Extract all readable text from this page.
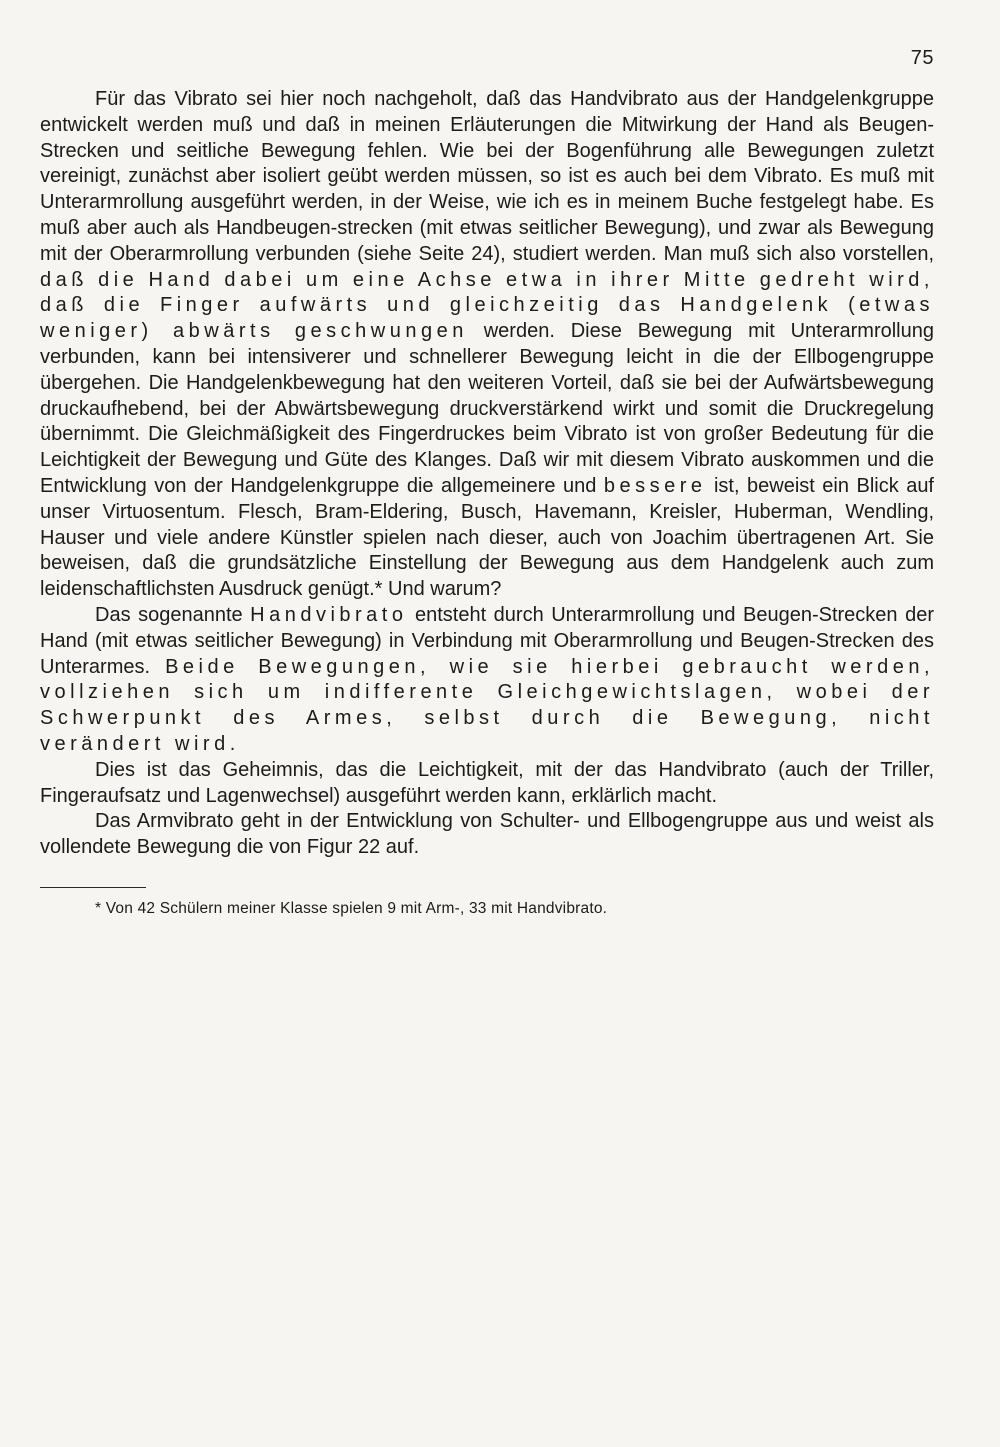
75

Für das Vibrato sei hier noch nachgeholt, daß das Handvibrato aus der Handgelenkgruppe entwickelt werden muß und daß in meinen Erläuterungen die Mitwirkung der Hand als Beugen-Strecken und seitliche Bewegung fehlen. Wie bei der Bogenführung alle Bewegungen zuletzt vereinigt, zunächst aber isoliert geübt werden müssen, so ist es auch bei dem Vibrato. Es muß mit Unterarmrollung ausgeführt werden, in der Weise, wie ich es in meinem Buche festgelegt habe. Es muß aber auch als Handbeugen-strecken (mit etwas seitlicher Bewegung), und zwar als Bewegung mit der Oberarmrollung verbunden (siehe Seite 24), studiert werden. Man muß sich also vorstellen, daß die Hand dabei um eine Achse etwa in ihrer Mitte gedreht wird, daß die Finger aufwärts und gleichzeitig das Handgelenk (etwas weniger) abwärts geschwungen werden. Diese Bewegung mit Unterarmrollung verbunden, kann bei intensiverer und schnellerer Bewegung leicht in die der Ellbogengruppe übergehen. Die Handgelenkbewegung hat den weiteren Vorteil, daß sie bei der Aufwärtsbewegung druckaufhebend, bei der Abwärtsbewegung druckverstärkend wirkt und somit die Druckregelung übernimmt. Die Gleichmäßigkeit des Fingerdruckes beim Vibrato ist von großer Bedeutung für die Leichtigkeit der Bewegung und Güte des Klanges. Daß wir mit diesem Vibrato auskommen und die Entwicklung von der Handgelenkgruppe die allgemeinere und bessere ist, beweist ein Blick auf unser Virtuosentum. Flesch, Bram-Eldering, Busch, Havemann, Kreisler, Huberman, Wendling, Hauser und viele andere Künstler spielen nach dieser, auch von Joachim übertragenen Art. Sie beweisen, daß die grundsätzliche Einstellung der Bewegung aus dem Handgelenk auch zum leidenschaftlichsten Ausdruck genügt.* Und warum?

Das sogenannte Handvibrato entsteht durch Unterarmrollung und Beugen-Strecken der Hand (mit etwas seitlicher Bewegung) in Verbindung mit Oberarmrollung und Beugen-Strecken des Unterarmes. Beide Bewegungen, wie sie hierbei gebraucht werden, vollziehen sich um indifferente Gleichgewichtslagen, wobei der Schwerpunkt des Armes, selbst durch die Bewegung, nicht verändert wird.

Dies ist das Geheimnis, das die Leichtigkeit, mit der das Handvibrato (auch der Triller, Fingeraufsatz und Lagenwechsel) ausgeführt werden kann, erklärlich macht.

Das Armvibrato geht in der Entwicklung von Schulter- und Ellbogengruppe aus und weist als vollendete Bewegung die von Figur 22 auf.

* Von 42 Schülern meiner Klasse spielen 9 mit Arm-, 33 mit Handvibrato.
